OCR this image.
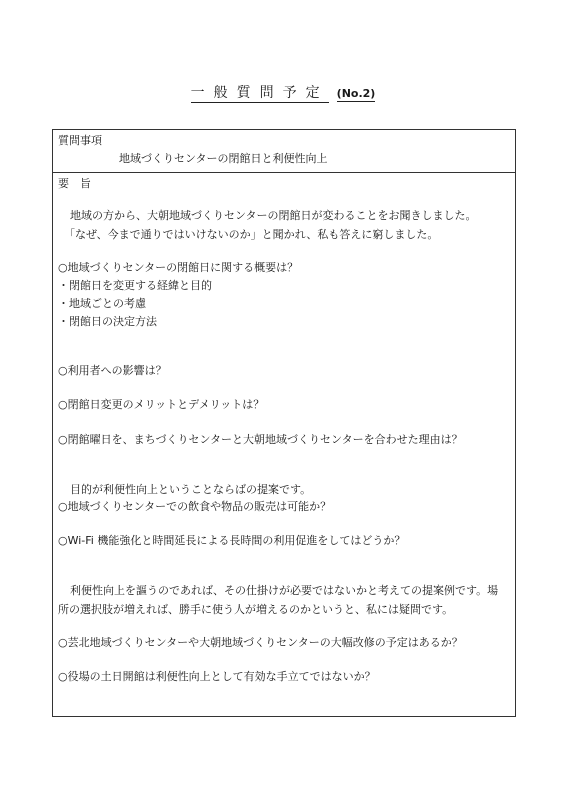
一般質問予定 (No.2)
質問事項
地域づくりセンターの閉館日と利便性向上
要　旨
地域の方から、大朝地域づくりセンターの閉館日が変わることをお聞きしました。
「なぜ、今まで通りではいけないのか」と聞かれ、私も答えに窮しました。
○地域づくりセンターの閉館日に関する概要は？
・閉館日を変更する経緯と目的
・地域ごとの考慮
・閉館日の決定方法
○利用者への影響は？
○閉館日変更のメリットとデメリットは？
○閉館曜日を、まちづくりセンターと大朝地域づくりセンターを合わせた理由は？
目的が利便性向上ということならばの提案です。
○地域づくりセンターでの飲食や物品の販売は可能か？
○Wi-Fi 機能強化と時間延長による長時間の利用促進をしてはどうか？
利便性向上を謳うのであれば、その仕掛けが必要ではないかと考えての提案例です。場
所の選択肢が増えれば、勝手に使う人が増えるのかというと、私には疑問です。
○芸北地域づくりセンターや大朝地域づくりセンターの大幅改修の予定はあるか？
○役場の土日開館は利便性向上として有効な手立てではないか？
